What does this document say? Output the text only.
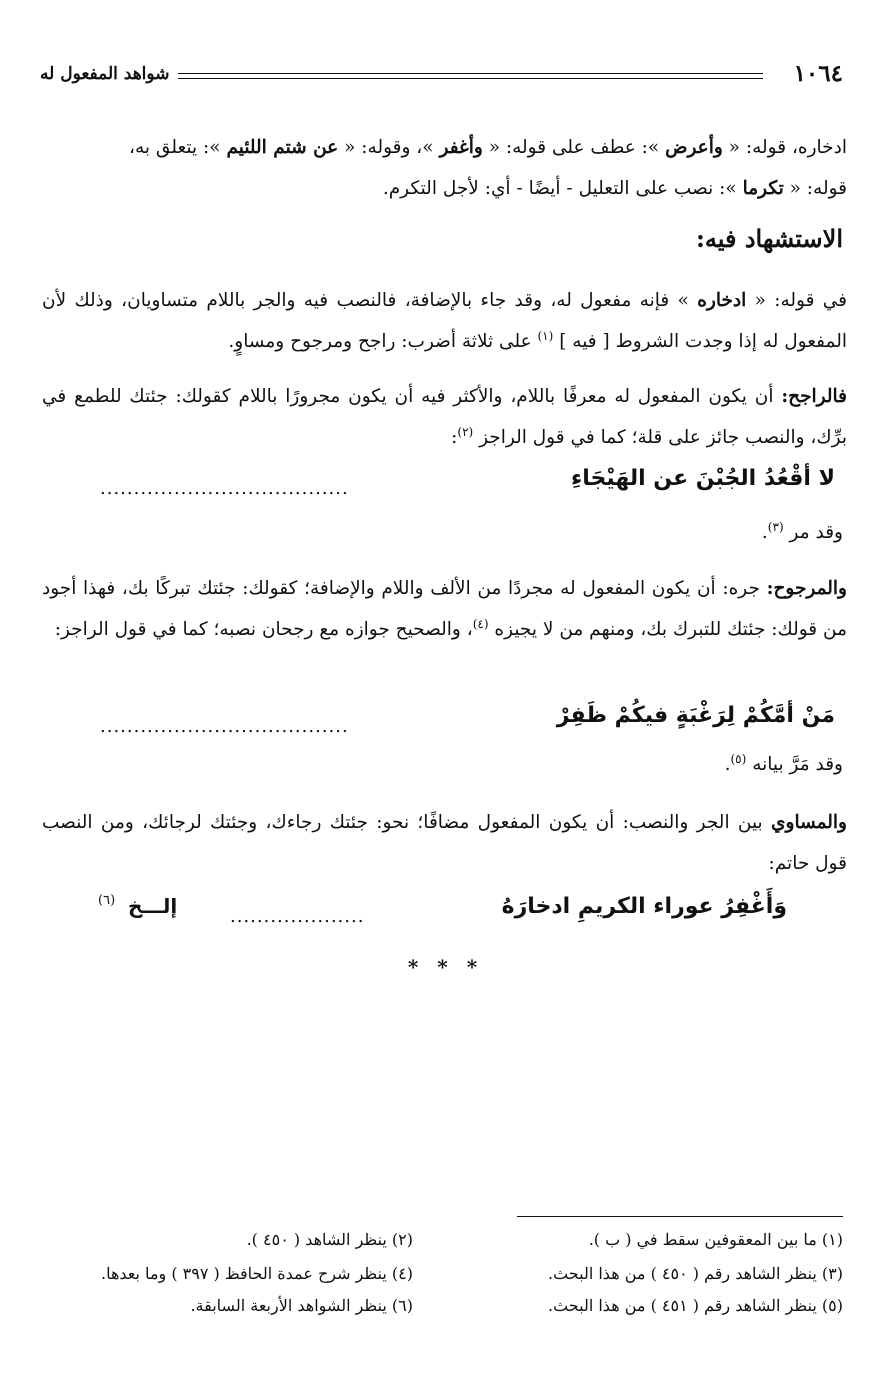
١٠٦٤
شواهد المفعول له

ادخاره، قوله: « وأعرض »: عطف على قوله: « وأغفر »، وقوله: « عن شتم اللئيم »: يتعلق به،
قوله: « تكرما »: نصب على التعليل - أيضًا - أي: لأجل التكرم.

الاستشهاد فيه:

في قوله: « ادخاره » فإنه مفعول له، وقد جاء بالإضافة، فالنصب فيه والجر باللام متساويان، وذلك لأن المفعول له إذا وجدت الشروط [ فيه ] $^{(١)}$ على ثلاثة أضرب: راجح ومرجوح ومساوٍ.

فالراجح: أن يكون المفعول له معرفًا باللام، والأكثر فيه أن يكون مجرورًا باللام كقولك: جئتك للطمع في برِّك، والنصب جائز على قلة؛ كما في قول الراجز $^{(٢)}$:

لا أقْعُدُ الجُبْنَ عن الهَيْجَاءِ
.....................................
وقد مر $^{(٣)}$.

والمرجوح: جره: أن يكون المفعول له مجردًا من الألف واللام والإضافة؛ كقولك: جئتك تبركًا بك، فهذا أجود من قولك: جئتك للتبرك بك، ومنهم من لا يجيزه $^{(٤)}$، والصحيح جوازه مع رجحان نصبه؛ كما في قول الراجز:

مَنْ أمَّكُمْ لِرَغْبَةٍ فيكُمْ ظَفِرْ
.....................................
وقد مَرَّ بيانه $^{(٥)}$.

والمساوي بين الجر والنصب: أن يكون المفعول مضافًا؛ نحو: جئتك رجاءك، وجئتك لرجائك، ومن النصب قول حاتم:

وَأَغْفِرُ عوراء الكريمِ ادخارَهُ
....................
إلـــخ
(٦)
* * *
(١) ما بين المعقوفين سقط في ( ب ).
(٢) ينظر الشاهد ( ٤٥٠ ).
(٣) ينظر الشاهد رقم ( ٤٥٠ ) من هذا البحث.
(٤) ينظر شرح عمدة الحافظ ( ٣٩٧ ) وما بعدها.
(٥) ينظر الشاهد رقم ( ٤٥١ ) من هذا البحث.
(٦) ينظر الشواهد الأربعة السابقة.
